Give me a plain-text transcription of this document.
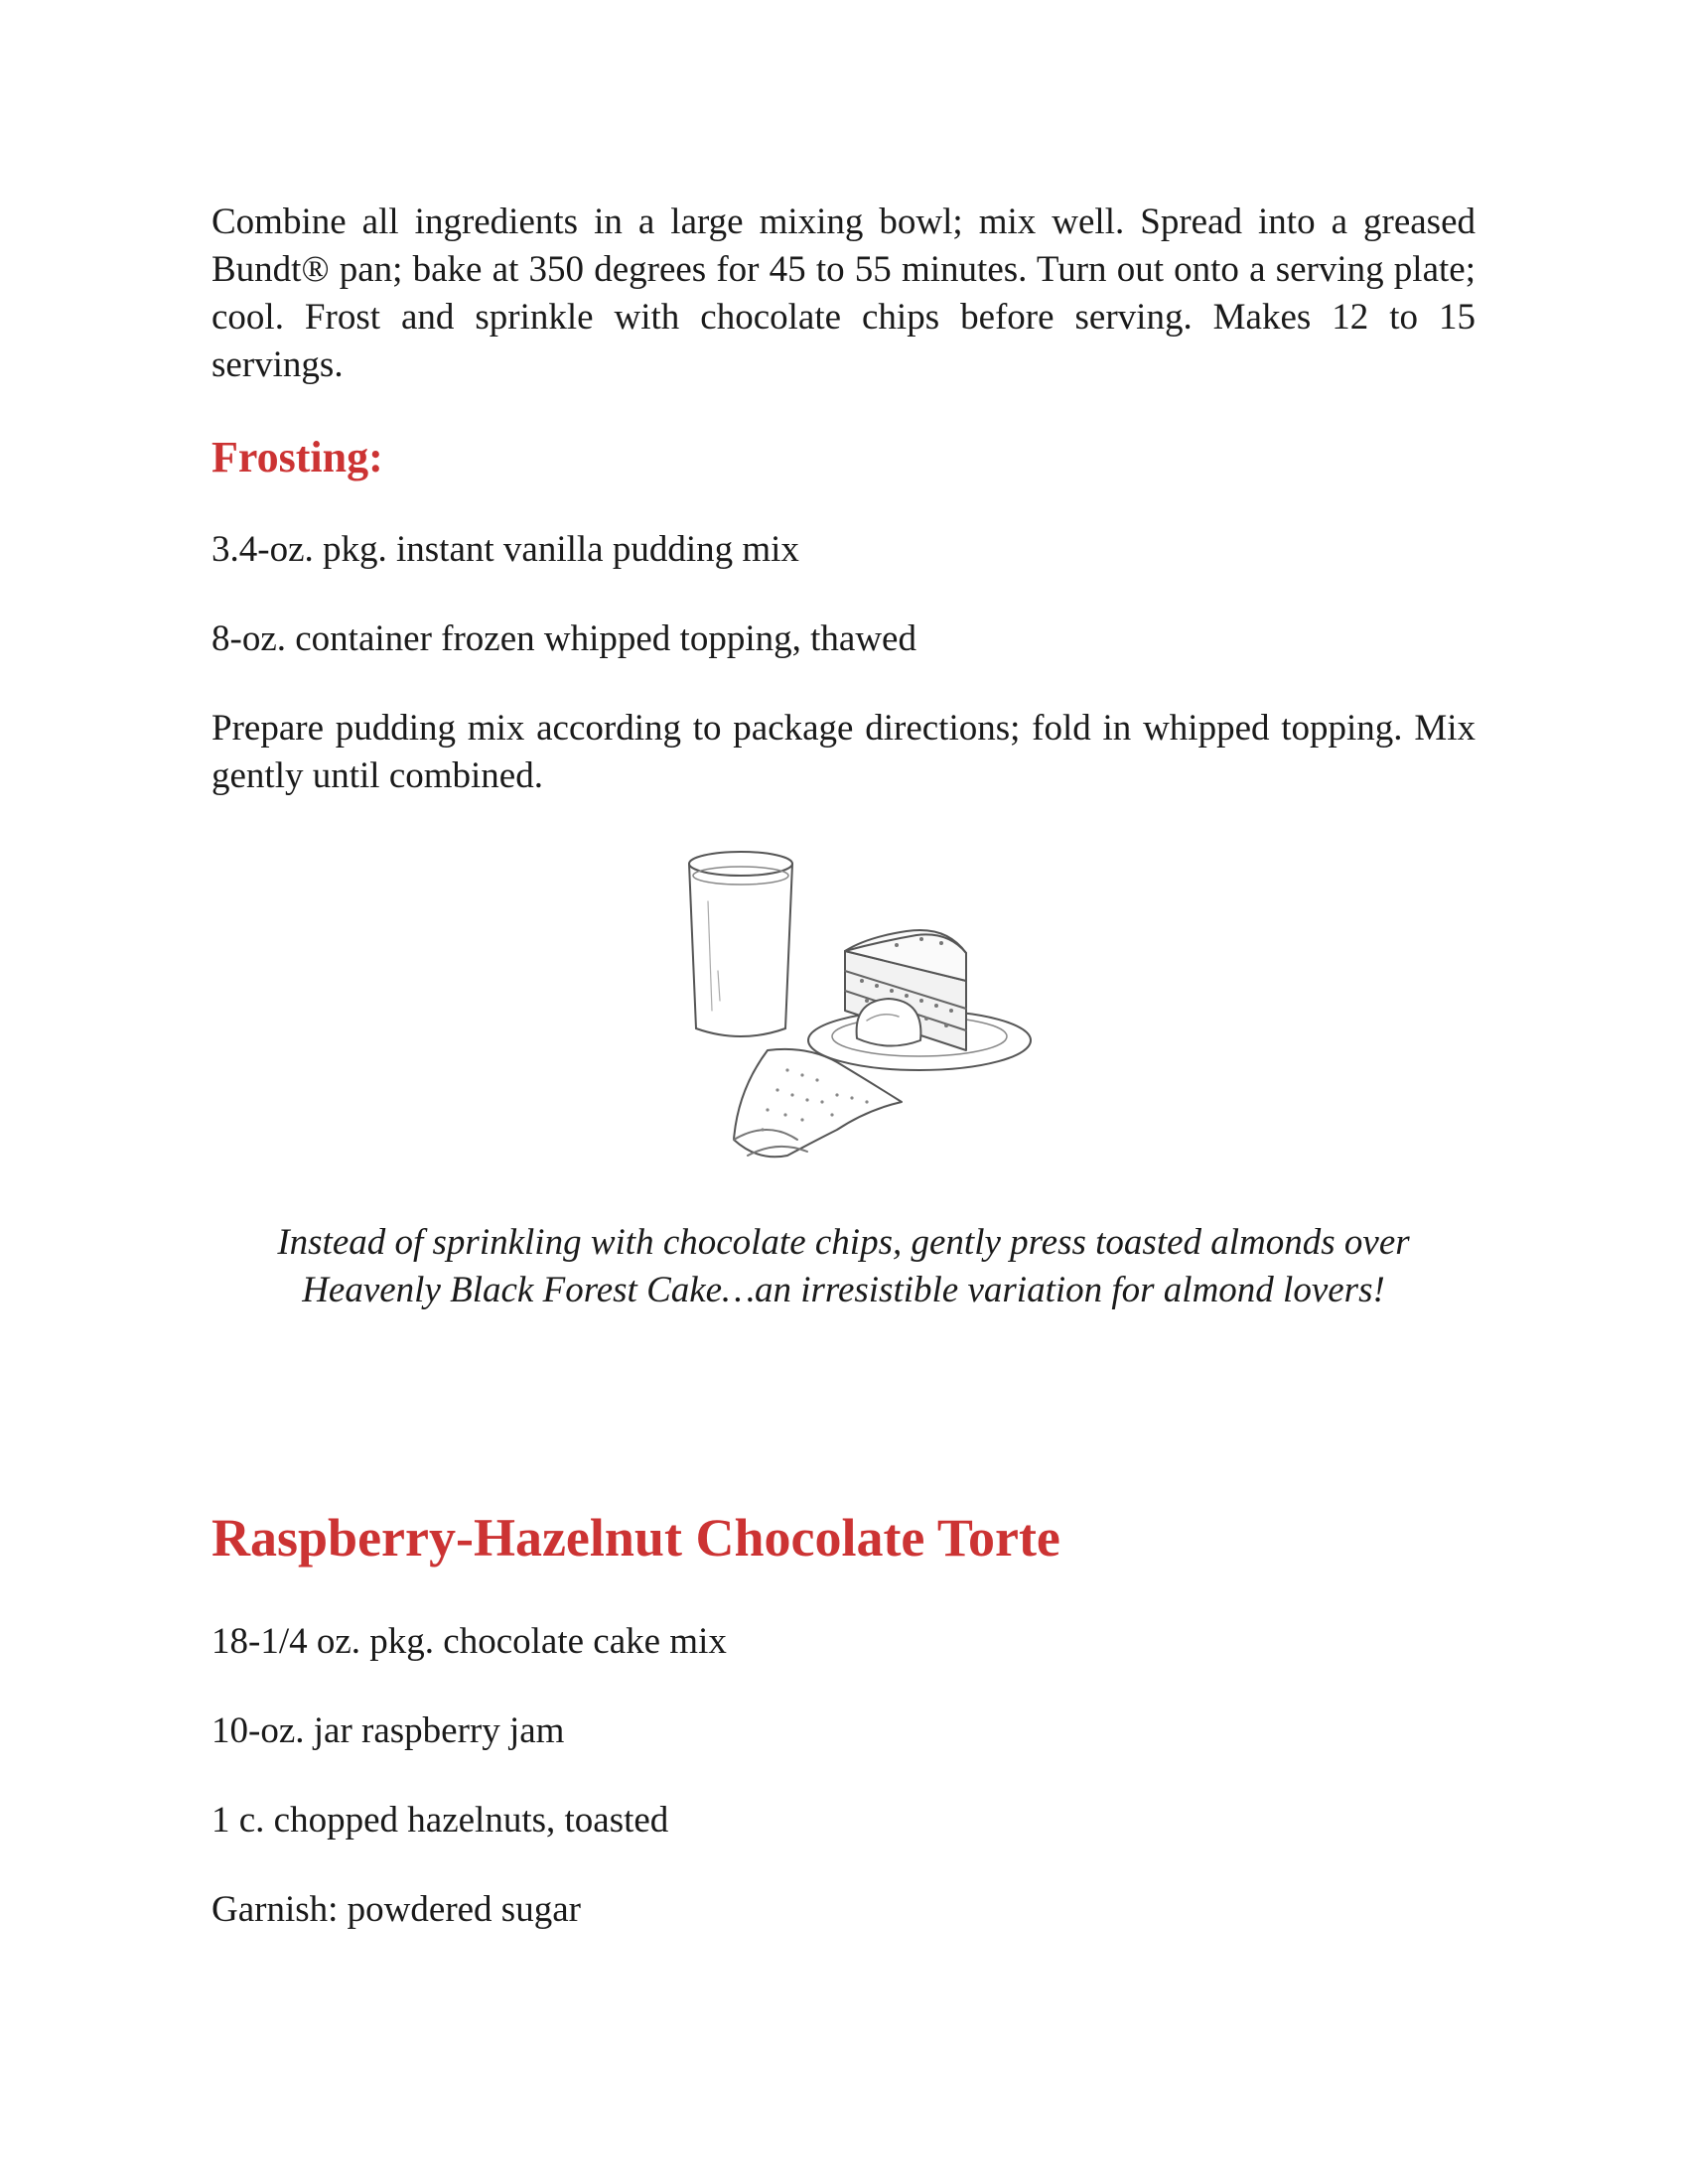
Combine all ingredients in a large mixing bowl; mix well. Spread into a greased Bundt® pan; bake at 350 degrees for 45 to 55 minutes. Turn out onto a serving plate; cool. Frost and sprinkle with chocolate chips before serving. Makes 12 to 15 servings.

Frosting:

3.4-oz. pkg. instant vanilla pudding mix

8-oz. container frozen whipped topping, thawed

Prepare pudding mix according to package directions; fold in whipped topping. Mix gently until combined.

Instead of sprinkling with chocolate chips, gently press toasted almonds over Heavenly Black Forest Cake…an irresistible variation for almond lovers!

Raspberry-Hazelnut Chocolate Torte

18-1/4 oz. pkg. chocolate cake mix

10-oz. jar raspberry jam

1 c. chopped hazelnuts, toasted

Garnish: powdered sugar
